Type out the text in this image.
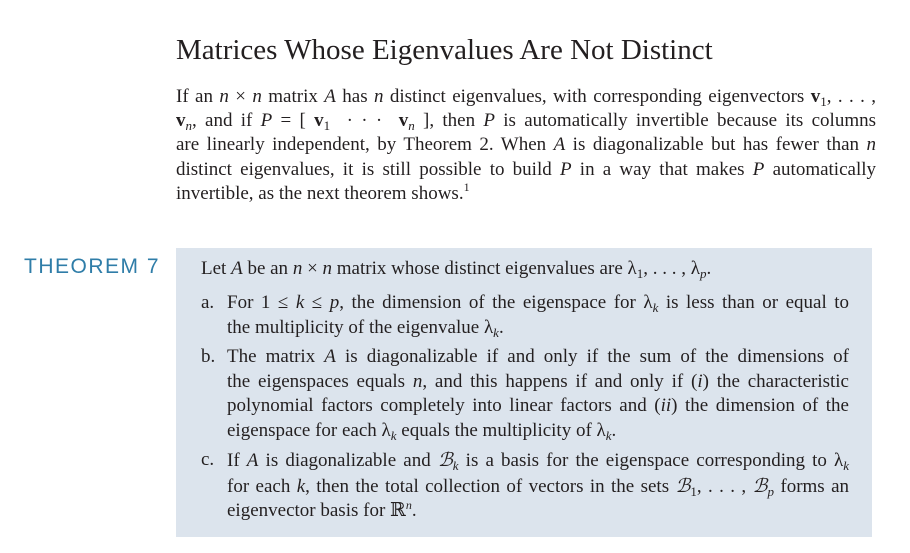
Matrices Whose Eigenvalues Are Not Distinct

If an n × n matrix A has n distinct eigenvalues, with corresponding eigenvectors $v_1$, . . . ,
$v_n$, and if P = [ $v_1$  · · ·  $v_n$ ], then P is automatically invertible because its columns
are linearly independent, by Theorem 2. When A is diagonalizable but has fewer than n
distinct eigenvalues, it is still possible to build P in a way that makes P automatically
invertible, as the next theorem shows.$^1$

THEOREM 7 Let A be an n × n matrix whose distinct eigenvalues are $\lambda_1$, . . . , $\lambda_p$.

a. For 1 ≤ k ≤ p, the dimension of the eigenspace for $\lambda_k$ is less than or equal to
the multiplicity of the eigenvalue $\lambda_k$.
b. The matrix A is diagonalizable if and only if the sum of the dimensions of
the eigenspaces equals n, and this happens if and only if (i) the characteristic
polynomial factors completely into linear factors and (ii) the dimension of the
eigenspace for each $\lambda_k$ equals the multiplicity of $\lambda_k$.
c. If A is diagonalizable and ℬ$_k$ is a basis for the eigenspace corresponding to $\lambda_k$
for each k, then the total collection of vectors in the sets ℬ$_1$, . . . , ℬ$_p$ forms an
eigenvector basis for ℝ$^n$.
